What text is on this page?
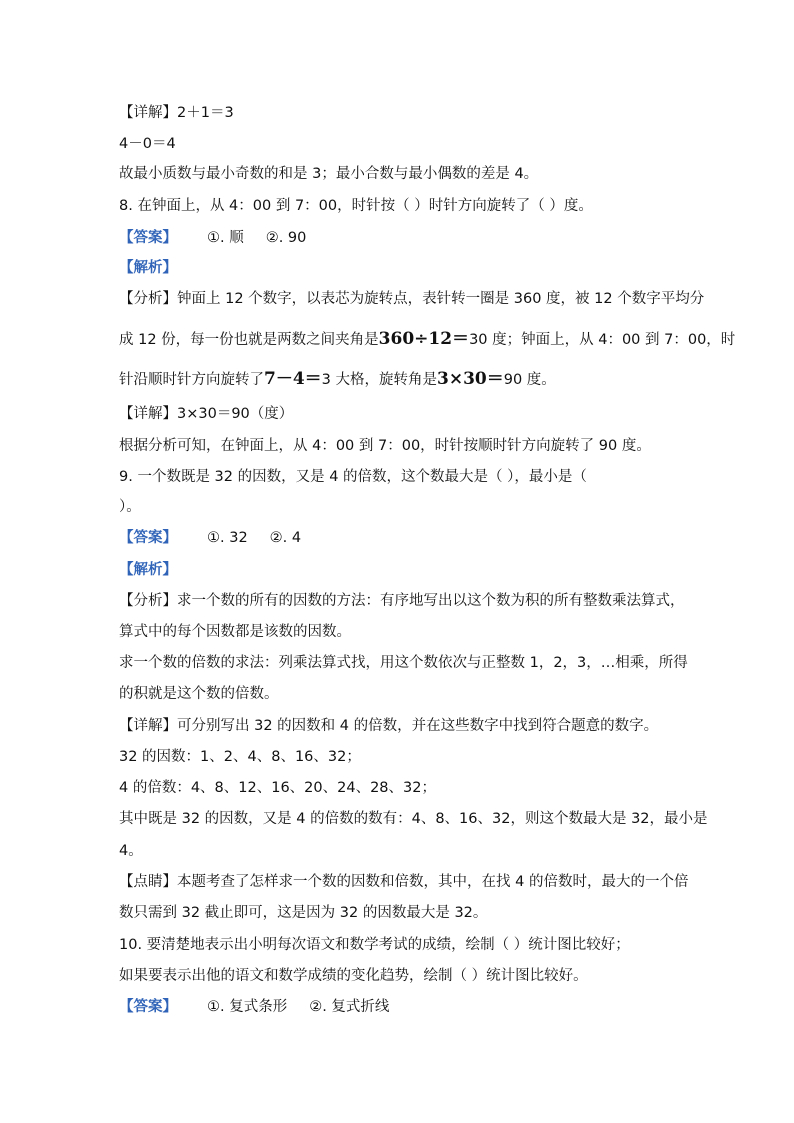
【详解】2＋1＝3
4－0＝4
故最小质数与最小奇数的和是 3；最小合数与最小偶数的差是 4。
8. 在钟面上，从 4：00 到 7：00，时针按（ ）时针方向旋转了（ ）度。
【答案】 ①. 顺 ②. 90
【解析】
【分析】钟面上 12 个数字，以表芯为旋转点，表针转一圈是 360 度，被 12 个数字平均分
成 12 份，每一份也就是两数之间夹角是360÷12＝30 度；钟面上，从 4：00 到 7：00，时
针沿顺时针方向旋转了7－4＝3 大格，旋转角是3×30＝90 度。
【详解】3×30＝90（度）
根据分析可知，在钟面上，从 4：00 到 7：00，时针按顺时针方向旋转了 90 度。
9. 一个数既是 32 的因数，又是 4 的倍数，这个数最大是（ ），最小是（
）。
【答案】 ①. 32 ②. 4
【解析】
【分析】求一个数的所有的因数的方法：有序地写出以这个数为积的所有整数乘法算式，
算式中的每个因数都是该数的因数。
求一个数的倍数的求法：列乘法算式找，用这个数依次与正整数 1，2，3，…相乘，所得
的积就是这个数的倍数。
【详解】可分别写出 32 的因数和 4 的倍数，并在这些数字中找到符合题意的数字。
32 的因数：1、2、4、8、16、32；
4 的倍数：4、8、12、16、20、24、28、32；
其中既是 32 的因数，又是 4 的倍数的数有：4、8、16、32，则这个数最大是 32，最小是
4。
【点睛】本题考查了怎样求一个数的因数和倍数，其中，在找 4 的倍数时，最大的一个倍
数只需到 32 截止即可，这是因为 32 的因数最大是 32。
10. 要清楚地表示出小明每次语文和数学考试的成绩，绘制（ ）统计图比较好；
如果要表示出他的语文和数学成绩的变化趋势，绘制（ ）统计图比较好。
【答案】 ①. 复式条形 ②. 复式折线
